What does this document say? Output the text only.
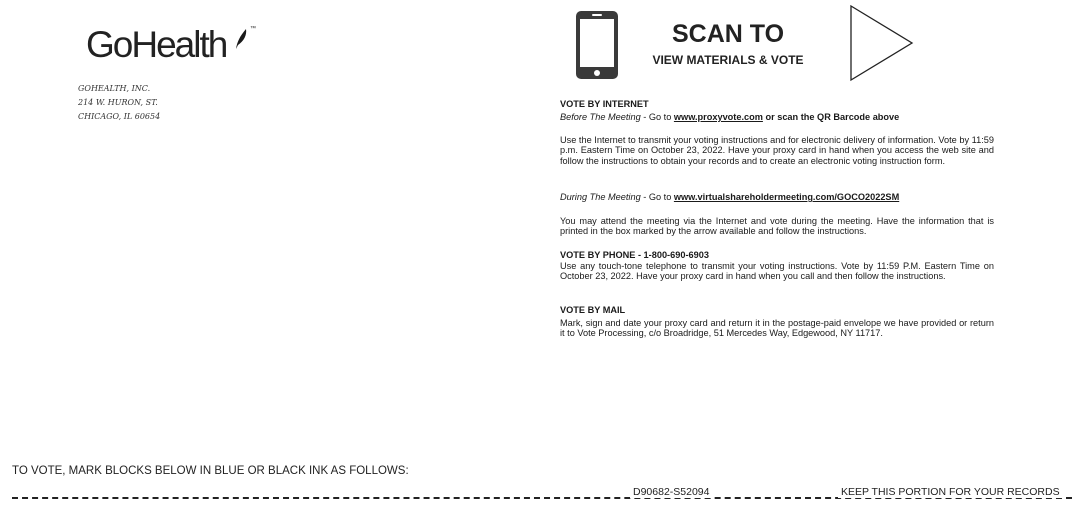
GoHealth	™
GOHEALTH, INC.
214 W. HURON, ST.
CHICAGO, IL 60654
SCAN TO
VIEW MATERIALS & VOTE
VOTE BY INTERNET
Before The Meeting - Go to www.proxyvote.com or scan the QR Barcode above
Use the Internet to transmit your voting instructions and for electronic delivery of information. Vote by 11:59 p.m. Eastern Time on October 23, 2022. Have your proxy card in hand when you access the web site and follow the instructions to obtain your records and to create an electronic voting instruction form.
During The Meeting - Go to www.virtualshareholdermeeting.com/GOCO2022SM
You may attend the meeting via the Internet and vote during the meeting. Have the information that is printed in the box marked by the arrow available and follow the instructions.
VOTE BY PHONE - 1-800-690-6903
Use any touch-tone telephone to transmit your voting instructions. Vote by 11:59 P.M. Eastern Time on October 23, 2022. Have your proxy card in hand when you call and then follow the instructions.
VOTE BY MAIL
Mark, sign and date your proxy card and return it in the postage-paid envelope we have provided or return it to Vote Processing, c/o Broadridge, 51 Mercedes Way, Edgewood, NY 11717.
TO VOTE, MARK BLOCKS BELOW IN BLUE OR BLACK INK AS FOLLOWS:
D90682-S52094	KEEP THIS PORTION FOR YOUR RECORDS
